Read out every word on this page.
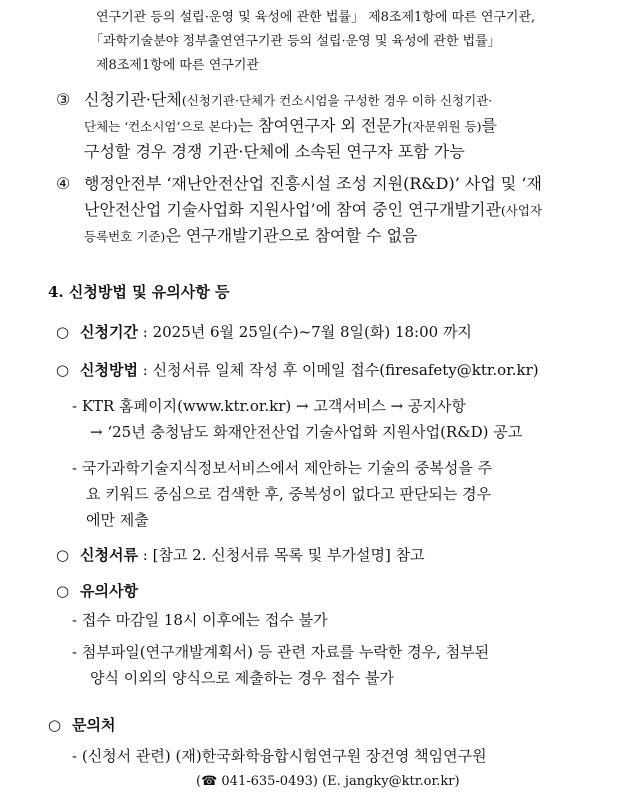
연구기관 등의 설립·운영 및 육성에 관한 법률」 제8조제1항에 따른 연구기관,
「과학기술분야 정부출연연구기관 등의 설립·운영 및 육성에 관한 법률」
제8조제1항에 따른 연구기관
③ 신청기관·단체(신청기관·단체가 컨소시엄을 구성한 경우 이하 신청기관·
단체는 ‘컨소시엄’으로 본다)는 참여연구자 외 전문가(자문위원 등)를
구성할 경우 경쟁 기관·단체에 소속된 연구자 포함 가능
④ 행정안전부 ‘재난안전산업 진흥시설 조성 지원(R&D)’ 사업 및 ‘재
난안전산업 기술사업화 지원사업’에 참여 중인 연구개발기관(사업자
등록번호 기준)은 연구개발기관으로 참여할 수 없음
4. 신청방법 및 유의사항 등
○ 신청기간 : 2025년 6월 25일(수)~7월 8일(화) 18:00 까지
○ 신청방법 : 신청서류 일체 작성 후 이메일 접수(firesafety@ktr.or.kr)
- KTR 홈페이지(www.ktr.or.kr) → 고객서비스 → 공지사항
→ ‘25년 충청남도 화재안전산업 기술사업화 지원사업(R&D) 공고
- 국가과학기술지식정보서비스에서 제안하는 기술의 중복성을 주
요 키워드 중심으로 검색한 후, 중복성이 없다고 판단되는 경우
에만 제출
○ 신청서류 : [참고 2. 신청서류 목록 및 부가설명] 참고
○ 유의사항
- 접수 마감일 18시 이후에는 접수 불가
- 첨부파일(연구개발계획서) 등 관련 자료를 누락한 경우, 첨부된
양식 이외의 양식으로 제출하는 경우 접수 불가
○ 문의처
- (신청서 관련) (재)한국화학융합시험연구원 장건영 책임연구원
(☎ 041-635-0493) (E. jangky@ktr.or.kr)
